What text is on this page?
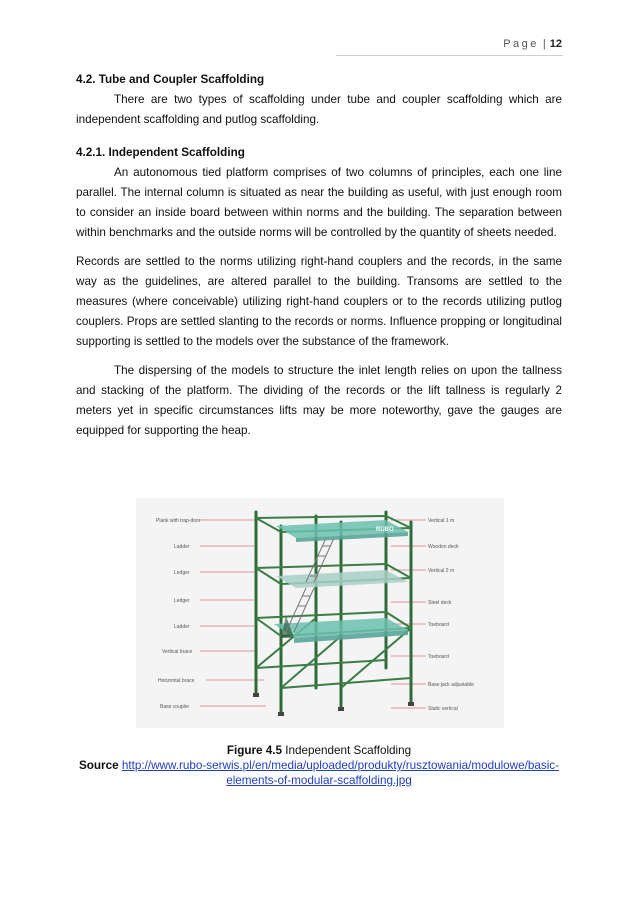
Page | 12
4.2. Tube and Coupler Scaffolding

There are two types of scaffolding under tube and coupler scaffolding which are independent scaffolding and putlog scaffolding.

4.2.1. Independent Scaffolding

An autonomous tied platform comprises of two columns of principles, each one line parallel. The internal column is situated as near the building as useful, with just enough room to consider an inside board between within norms and the building. The separation between within benchmarks and the outside norms will be controlled by the quantity of sheets needed.

Records are settled to the norms utilizing right-hand couplers and the records, in the same way as the guidelines, are altered parallel to the building. Transoms are settled to the measures (where conceivable) utilizing right-hand couplers or to the records utilizing putlog couplers. Props are settled slanting to the records or norms. Influence propping or longitudinal supporting is settled to the models over the substance of the framework.

The dispersing of the models to structure the inlet length relies on upon the tallness and stacking of the platform. The dividing of the records or the lift tallness is regularly 2 meters yet in specific circumstances lifts may be more noteworthy, gave the gauges are equipped for supporting the heap.

Plank with trap-door
Ladder
Ledger
Ledger
Ladder
Vertical brace
Horizontal brace
Base coupler
Vertical 1 m
Wooden deck
Vertical 2 m
Steel deck
Toeboard
Toeboard
Base jack adjustable
Static vertical
RUBO
Figure 4.5 Independent Scaffolding
Source http://www.rubo-serwis.pl/en/media/uploaded/produkty/rusztowania/modulowe/basic-elements-of-modular-scaffolding.jpg
